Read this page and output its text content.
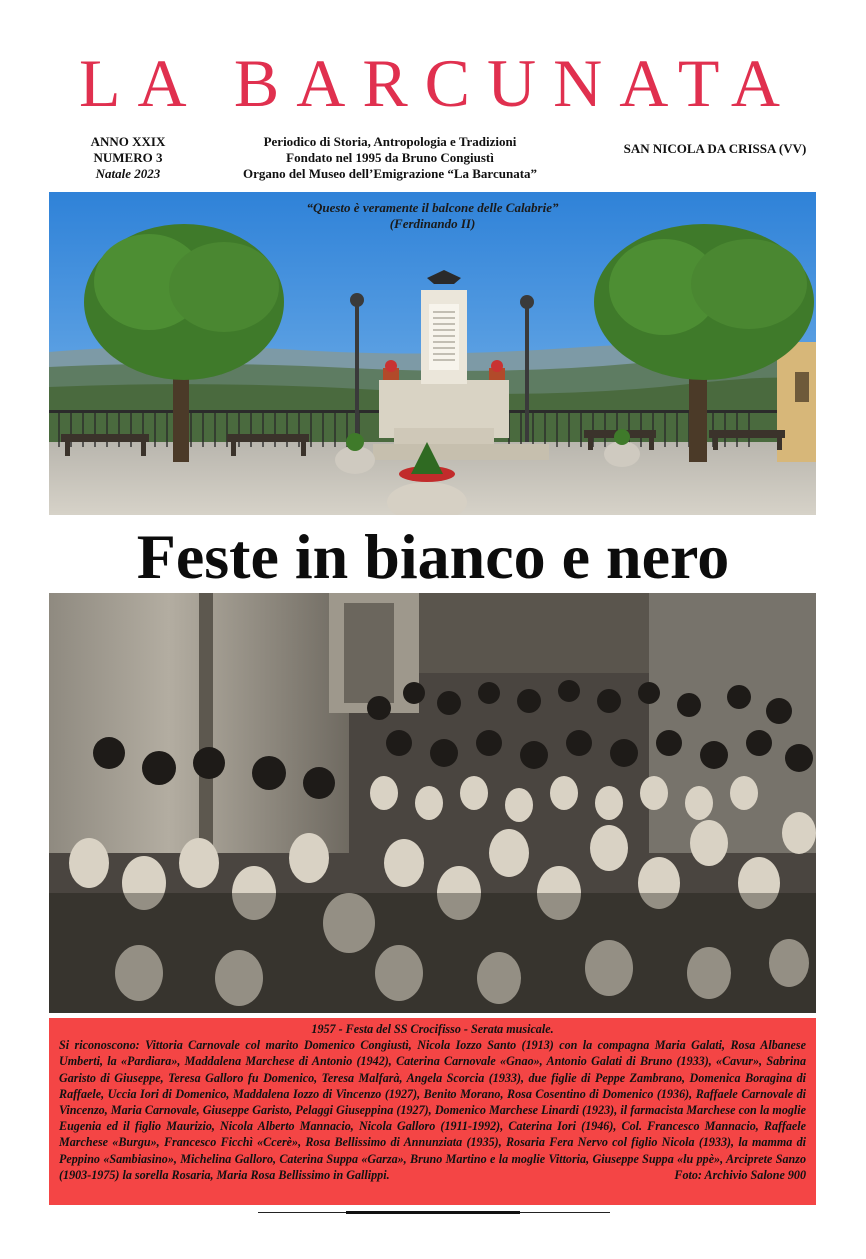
LA BARCUNATA
ANNO XXIX
NUMERO 3
Natale 2023
Periodico di Storia, Antropologia e Tradizioni
Fondato nel 1995 da Bruno Congiustì
Organo del Museo dell’Emigrazione “La Barcunata”
SAN NICOLA DA CRISSA (VV)
“Questo è veramente il balcone delle Calabrie”
(Ferdinando II)
Feste in bianco e nero
1957 - Festa del SS Crocifisso - Serata musicale.
Si riconoscono: Vittoria Carnovale col marito Domenico Congiustì, Nicola Iozzo Santo (1913) con la compagna Maria Galati, Rosa Albanese Umberti, la «Pardiara», Maddalena Marchese di Antonio (1942), Caterina Carnovale «Gnao», Antonio Galati di Bruno (1933), «Cavur», Sabrina Garisto di Giuseppe, Teresa Galloro fu Domenico, Teresa Malfarà, Angela Scorcia (1933), due figlie di Peppe Zambrano, Domenica Boragina di Raffaele, Uccia Iori di Domenico, Maddalena Iozzo di Vincenzo (1927), Benito Morano, Rosa Cosentino di Domenico (1936), Raffaele Carnovale di Vincenzo, Maria Carnovale, Giuseppe Garisto, Pelaggi Giuseppina (1927), Domenico Marchese Linardi (1923), il farmacista Marchese con la moglie Eugenia ed il figlio Maurizio, Nicola Alberto Mannacio, Nicola Galloro (1911-1992), Caterina Iori (1946), Col. Francesco Mannacio, Raffaele Marchese «Burgu», Francesco Ficchì «Ccerè», Rosa Bellissimo di Annunziata (1935), Rosaria Fera Nervo col figlio Nicola (1933), la mamma di Peppino «Sambiasino», Michelina Galloro, Caterina Suppa «Garza», Bruno Martino e la moglie Vittoria, Giuseppe Suppa «lu ppè», Arciprete Sanzo (1903-1975) la sorella Rosaria, Maria Rosa Bellissimo in Gallippi.	Foto: Archivio Salone 900
